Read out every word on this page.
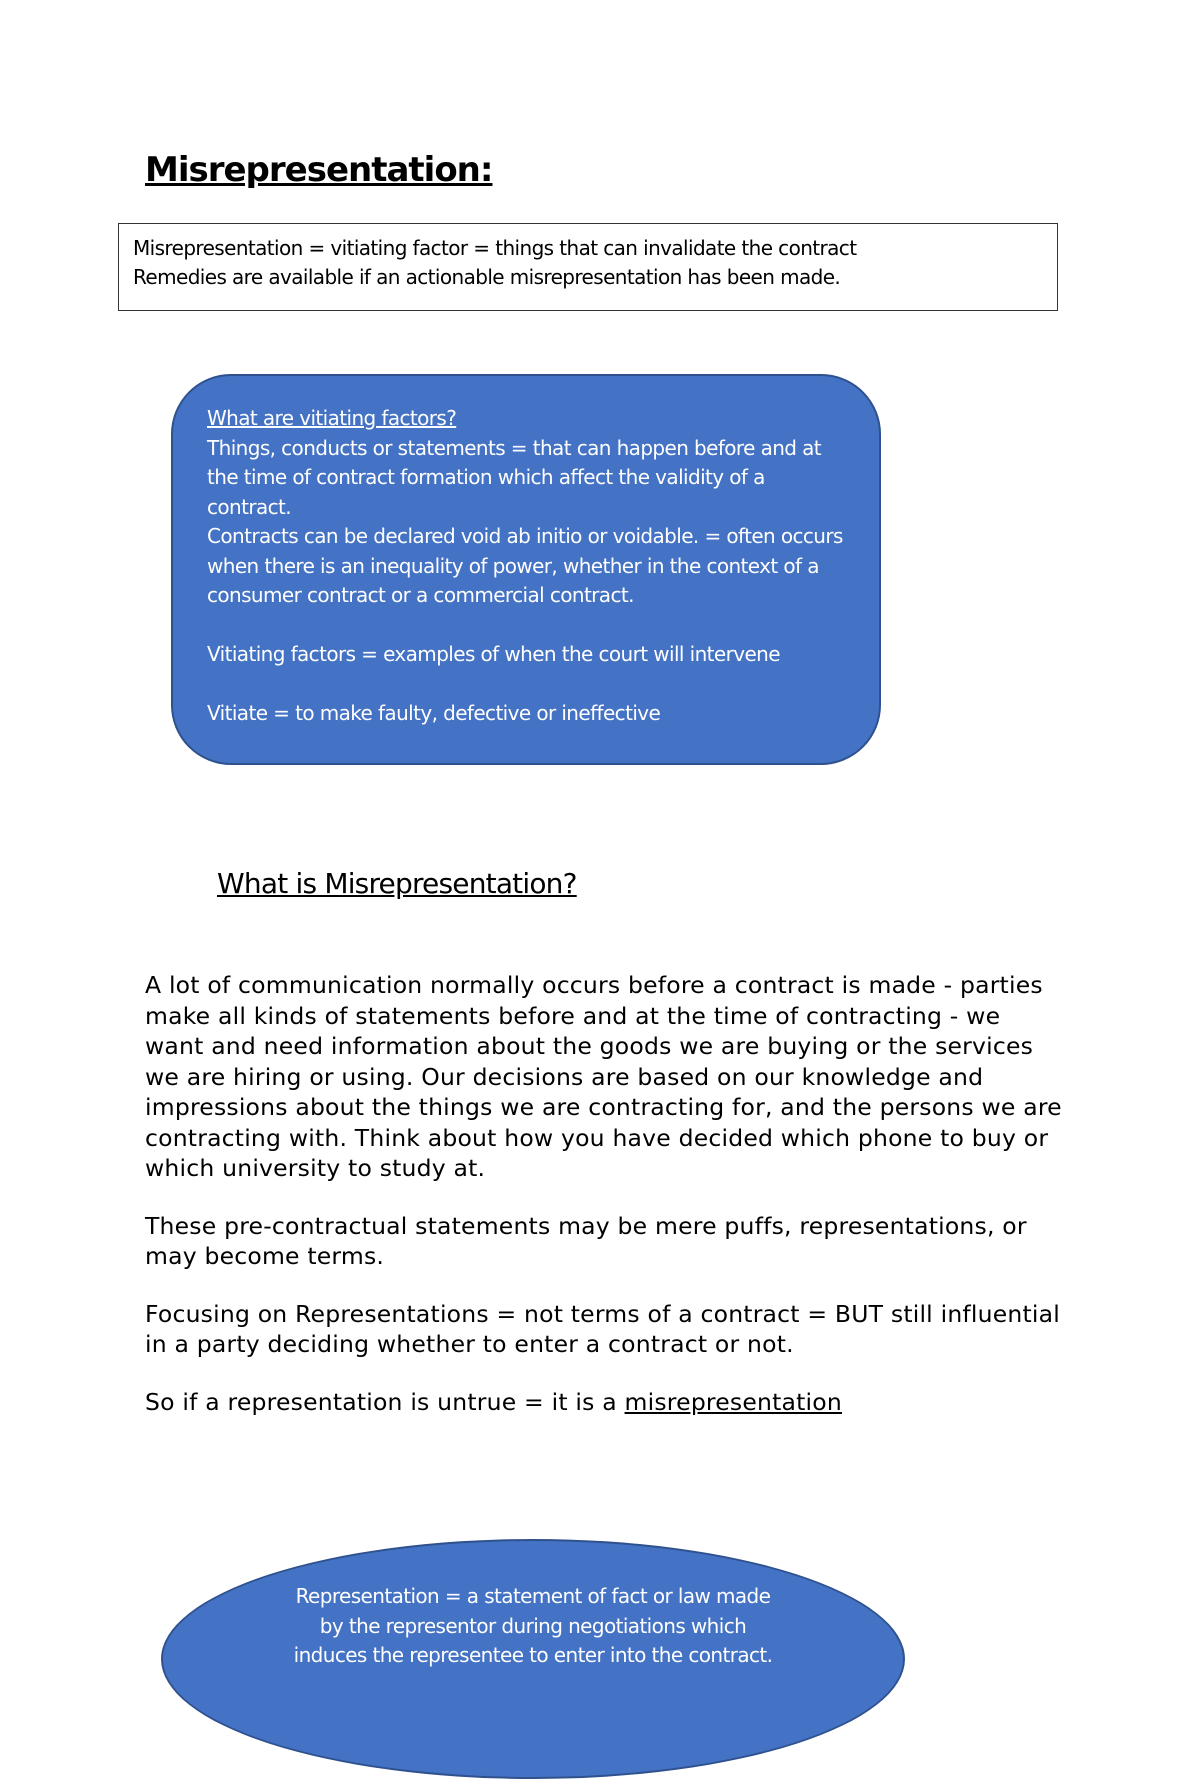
Misrepresentation:
Misrepresentation = vitiating factor = things that can invalidate the contract
Remedies are available if an actionable misrepresentation has been made.

What are vitiating factors?

Things, conducts or statements = that can happen before and at the time of contract formation which affect the validity of a contract.

Contracts can be declared void ab initio or voidable. = often occurs when there is an inequality of power, whether in the context of a consumer contract or a commercial contract.

Vitiating factors = examples of when the court will intervene

Vitiate = to make faulty, defective or ineffective

What is Misrepresentation?

A lot of communication normally occurs before a contract is made - parties make all kinds of statements before and at the time of contracting - we want and need information about the goods we are buying or the services we are hiring or using. Our decisions are based on our knowledge and impressions about the things we are contracting for, and the persons we are contracting with. Think about how you have decided which phone to buy or which university to study at.

These pre-contractual statements may be mere puffs, representations, or may become terms.

Focusing on Representations = not terms of a contract = BUT still influential in a party deciding whether to enter a contract or not.

So if a representation is untrue = it is a misrepresentation

Representation = a statement of fact or law made by the representor during negotiations which induces the representee to enter into the contract.
